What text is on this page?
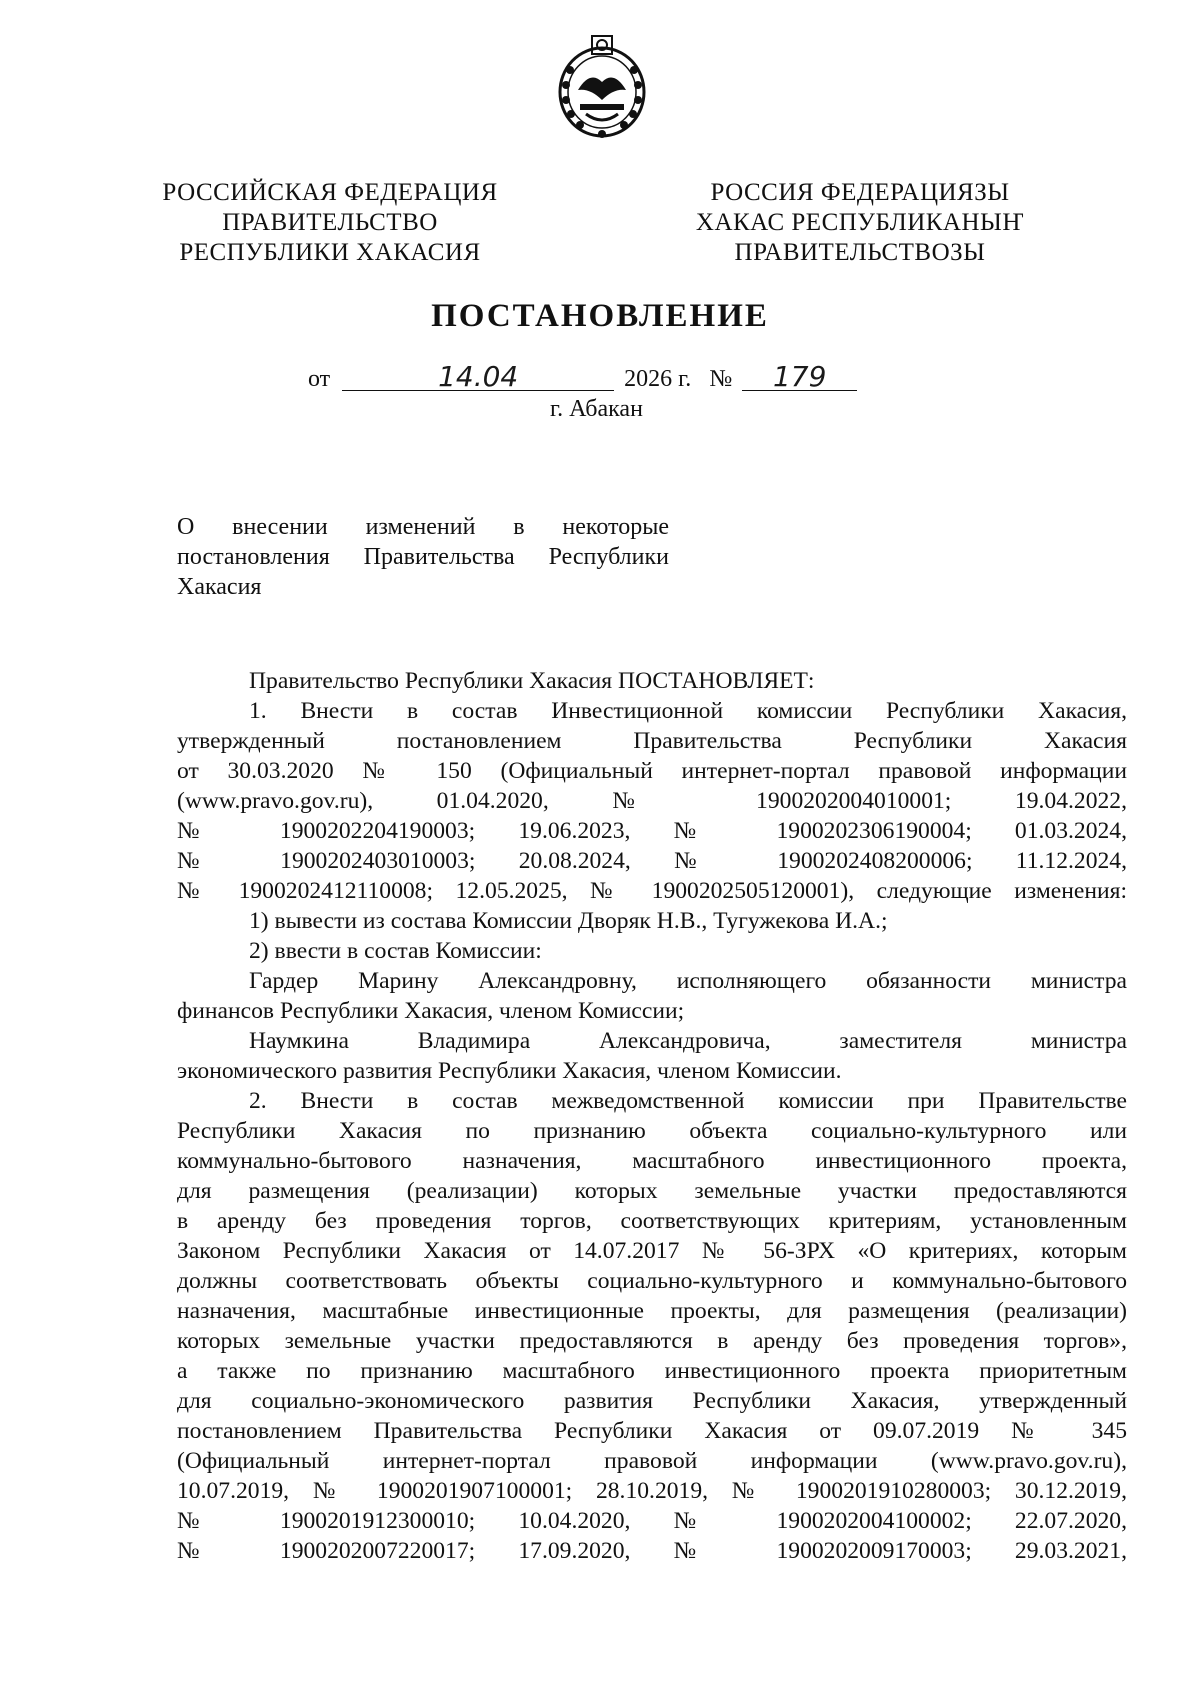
РОССИЙСКАЯ ФЕДЕРАЦИЯ
ПРАВИТЕЛЬСТВО
РЕСПУБЛИКИ ХАКАСИЯ
РОССИЯ ФЕДЕРАЦИЯЗЫ
ХАКАС РЕСПУБЛИКАНЫҤ
ПРАВИТЕЛЬСТВОЗЫ
ПОСТАНОВЛЕНИЕ
от	14.04	2026 г. № 179
г. Абакан
О внесении изменений в некоторые
постановления Правительства Республики
Хакасия
Правительство Республики Хакасия ПОСТАНОВЛЯЕТ:
1. Внести в состав Инвестиционной комиссии Республики Хакасия,
утвержденный постановлением Правительства Республики Хакасия
от 30.03.2020 № 150 (Официальный интернет-портал правовой информации
(www.pravo.gov.ru), 01.04.2020, № 1900202004010001; 19.04.2022,
№ 1900202204190003; 19.06.2023, № 1900202306190004; 01.03.2024,
№ 1900202403010003; 20.08.2024, № 1900202408200006; 11.12.2024,
№ 1900202412110008; 12.05.2025, № 1900202505120001), следующие изменения:
1) вывести из состава Комиссии Дворяк Н.В., Тугужекова И.А.;
2) ввести в состав Комиссии:
Гардер Марину Александровну, исполняющего обязанности министра
финансов Республики Хакасия, членом Комиссии;
Наумкина Владимира Александровича, заместителя министра
экономического развития Республики Хакасия, членом Комиссии.
2. Внести в состав межведомственной комиссии при Правительстве
Республики Хакасия по признанию объекта социально-культурного или
коммунально-бытового назначения, масштабного инвестиционного проекта,
для размещения (реализации) которых земельные участки предоставляются
в аренду без проведения торгов, соответствующих критериям, установленным
Законом Республики Хакасия от 14.07.2017 № 56-ЗРХ «О критериях, которым
должны соответствовать объекты социально-культурного и коммунально-бытового
назначения, масштабные инвестиционные проекты, для размещения (реализации)
которых земельные участки предоставляются в аренду без проведения торгов»,
а также по признанию масштабного инвестиционного проекта приоритетным
для социально-экономического развития Республики Хакасия, утвержденный
постановлением Правительства Республики Хакасия от 09.07.2019 № 345
(Официальный интернет-портал правовой информации (www.pravo.gov.ru),
10.07.2019, № 1900201907100001; 28.10.2019, № 1900201910280003; 30.12.2019,
№ 1900201912300010; 10.04.2020, № 1900202004100002; 22.07.2020,
№ 1900202007220017; 17.09.2020, № 1900202009170003; 29.03.2021,
